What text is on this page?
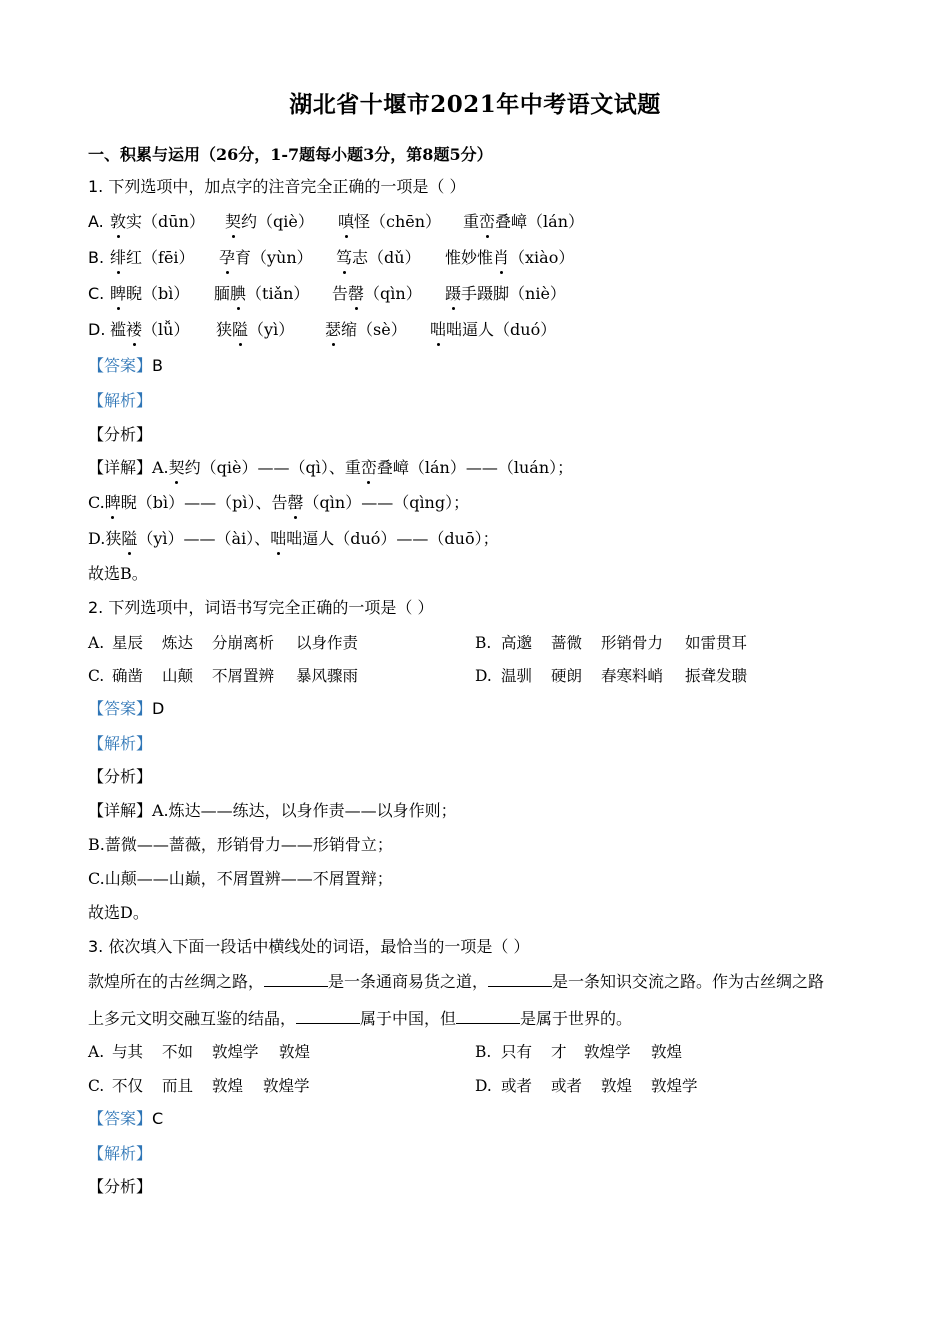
湖北省十堰市2021年中考语文试题
一、积累与运用（26分，1-7题每小题3分，第8题5分）
1. 下列选项中，加点字的注音完全正确的一项是（ ）
A. 敦实（dūn） 契约（qiè） 嗔怪（chēn） 重峦叠嶂（lán）
B. 绯红（fēi） 孕育（yùn） 笃志（dǔ） 惟妙惟肖（xiào）
C. 睥睨（bì） 腼腆（tiǎn） 告罄（qìn） 蹑手蹑脚（niè）
D. 褴褛（lǚ） 狭隘（yì） 瑟缩（sè） 咄咄逼人（duó）
【答案】B
【解析】
【分析】
【详解】A.契约（qiè）——（qì）、重峦叠嶂（lán）——（luán）；
C.睥睨（bì）——（pì）、告罄（qìn）——（qìng）；
D.狭隘（yì）——（ài）、咄咄逼人（duó）——（duō）；
故选B。
2. 下列选项中，词语书写完全正确的一项是（ ）
A. 星辰 炼达 分崩离析 以身作责	B. 高邈 蔷微 形销骨力 如雷贯耳
C. 确凿 山颠 不屑置辨 暴风骤雨	D. 温驯 硬朗 春寒料峭 振聋发聩
【答案】D
【解析】
【分析】
【详解】A.炼达——练达，以身作责——以身作则；
B.蔷微——蔷薇，形销骨力——形销骨立；
C.山颠——山巅，不屑置辨——不屑置辩；
故选D。
3. 依次填入下面一段话中横线处的词语，最恰当的一项是（ ）
款煌所在的古丝绸之路，	是一条通商易货之道，	是一条知识交流之路。作为古丝绸之路
上多元文明交融互鉴的结晶，	属于中国，但	是属于世界的。
A. 与其 不如 敦煌学 敦煌	B. 只有 才 敦煌学 敦煌
C. 不仅 而且 敦煌 敦煌学	D. 或者 或者 敦煌 敦煌学
【答案】C
【解析】
【分析】
